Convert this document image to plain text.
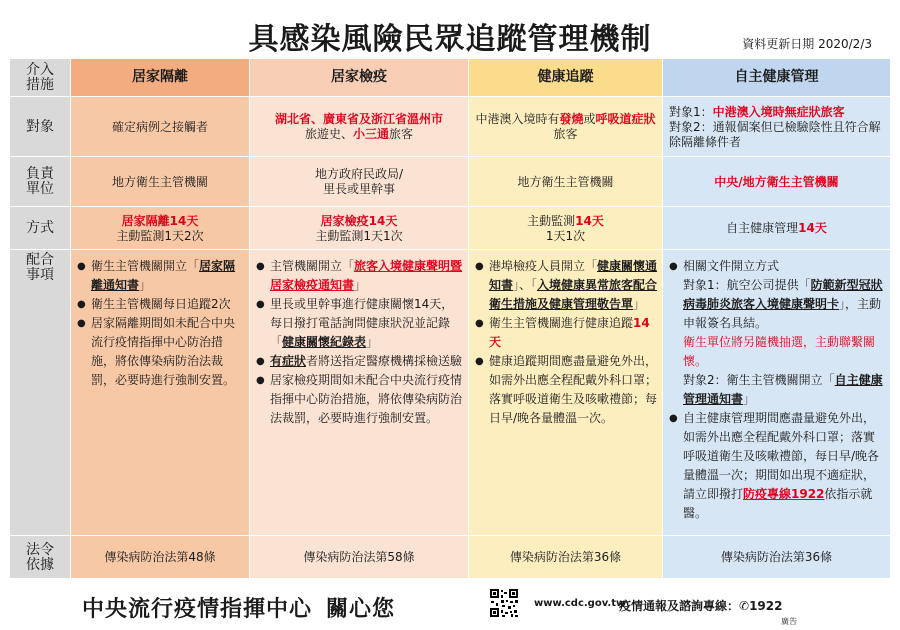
具感染風險民眾追蹤管理機制	資料更新日期 2020/2/3
介入
措施
對象
負責
單位
方式
配合
事項
法令
依據
居家隔離
確定病例之接觸者
地方衛生主管機關
居家隔離14天
主動監測1天2次
● 衛生主管機關開立「居家隔離通知書」
● 衛生主管機關每日追蹤2次
● 居家隔離期間如未配合中央流行疫情指揮中心防治措施，將依傳染病防治法裁罰，必要時進行強制安置。
傳染病防治法第48條
居家檢疫
湖北省、廣東省及浙江省溫州市
旅遊史、小三通旅客
地方政府民政局/
里長或里幹事
居家檢疫14天
主動監測1天1次
● 主管機關開立「旅客入境健康聲明暨居家檢疫通知書」
● 里長或里幹事進行健康關懷14天，每日撥打電話詢問健康狀況並記錄「健康關懷紀錄表」
● 有症狀者將送指定醫療機構採檢送驗
● 居家檢疫期間如未配合中央流行疫情指揮中心防治措施，將依傳染病防治法裁罰，必要時進行強制安置。
傳染病防治法第58條
健康追蹤
中港澳入境時有發燒或呼吸道症狀旅客
地方衛生主管機關
主動監測14天
1天1次
● 港埠檢疫人員開立「健康關懷通知書」、「入境健康異常旅客配合衛生措施及健康管理敬告單」
● 衛生主管機關進行健康追蹤14天
● 健康追蹤期間應盡量避免外出，如需外出應全程配戴外科口罩；落實呼吸道衛生及咳嗽禮節；每日早/晚各量體溫一次。
傳染病防治法第36條
自主健康管理
對象1：中港澳入境時無症狀旅客
對象2：通報個案但已檢驗陰性且符合解除隔離條件者
中央/地方衛生主管機關
自主健康管理14天
● 相關文件開立方式
對象1：航空公司提供「防範新型冠狀病毒肺炎旅客入境健康聲明卡」，主動申報簽名具結。
衛生單位將另隨機抽選，主動聯繫關懷。
對象2：衛生主管機關開立「自主健康管理通知書」
● 自主健康管理期間應盡量避免外出，如需外出應全程配戴外科口罩；落實呼吸道衛生及咳嗽禮節，每日早/晚各量體溫一次；期間如出現不適症狀，請立即撥打防疫專線1922依指示就醫。
傳染病防治法第36條
中央流行疫情指揮中心 關心您	www.cdc.gov.tw
疫情通報及諮詢專線：✆1922
廣告
